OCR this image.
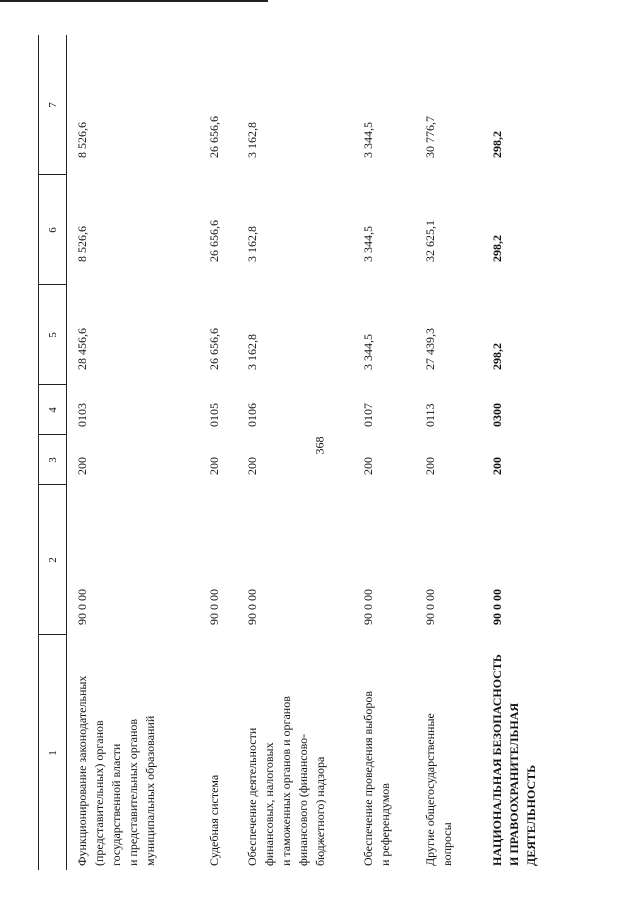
368
1
2
3
4
5
6
7
Функционирование законодательных (представительных) органов государственной власти и представительных органов муниципальных образований
90 0 00
200
0103
28 456,6
8 526,6
8 526,6
Судебная система
90 0 00
200
0105
26 656,6
26 656,6
26 656,6
Обеспечение деятельности финансовых, налоговых и таможенных органов и органов финансового (финансово- бюджетного) надзора
90 0 00
200
0106
3 162,8
3 162,8
3 162,8
Обеспечение проведения выборов и референдумов
90 0 00
200
0107
3 344,5
3 344,5
3 344,5
Другие общегосударственные вопросы
90 0 00
200
0113
27 439,3
32 625,1
30 776,7
НАЦИОНАЛЬНАЯ БЕЗОПАСНОСТЬ И ПРАВООХРАНИТЕЛЬНАЯ ДЕЯТЕЛЬНОСТЬ
90 0 00
200
0300
298,2
298,2
298,2
